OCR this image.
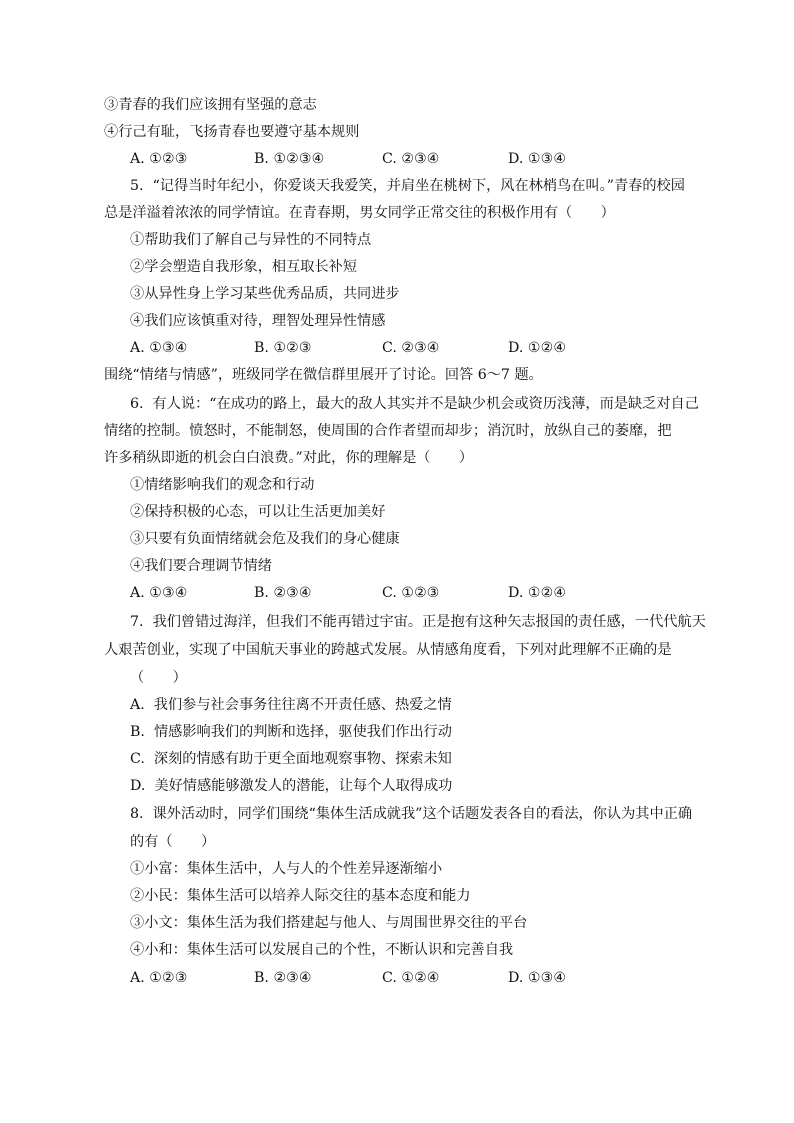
③青春的我们应该拥有坚强的意志
④行己有耻，飞扬青春也要遵守基本规则
A. ①②③	B. ①②③④	C. ②③④	D. ①③④
5.  “记得当时年纪小，你爱谈天我爱笑，并肩坐在桃树下，风在林梢鸟在叫。”青春的校园
总是洋溢着浓浓的同学情谊。在青春期，男女同学正常交往的积极作用有（　　）
①帮助我们了解自己与异性的不同特点
②学会塑造自我形象，相互取长补短
③从异性身上学习某些优秀品质，共同进步
④我们应该慎重对待，理智处理异性情感
A. ①③④	B. ①②③	C. ②③④	D. ①②④
围绕“情绪与情感”，班级同学在微信群里展开了讨论。回答 6～7 题。
6.  有人说：“在成功的路上，最大的敌人其实并不是缺少机会或资历浅薄，而是缺乏对自己
情绪的控制。愤怒时，不能制怒，使周围的合作者望而却步；消沉时，放纵自己的萎靡，把
许多稍纵即逝的机会白白浪费。”对此，你的理解是（　　）
①情绪影响我们的观念和行动
②保持积极的心态，可以让生活更加美好
③只要有负面情绪就会危及我们的身心健康
④我们要合理调节情绪
A. ①③④	B. ②③④	C. ①②③	D. ①②④
7.  我们曾错过海洋，但我们不能再错过宇宙。正是抱有这种矢志报国的责任感，一代代航天
人艰苦创业，实现了中国航天事业的跨越式发展。从情感角度看，下列对此理解不正确的是
（　　）
A.  我们参与社会事务往往离不开责任感、热爱之情
B.  情感影响我们的判断和选择，驱使我们作出行动
C.  深刻的情感有助于更全面地观察事物、探索未知
D.  美好情感能够激发人的潜能，让每个人取得成功
8.  课外活动时，同学们围绕“集体生活成就我”这个话题发表各自的看法，你认为其中正确
的有（　　）
①小富：集体生活中，人与人的个性差异逐渐缩小
②小民：集体生活可以培养人际交往的基本态度和能力
③小文：集体生活为我们搭建起与他人、与周围世界交往的平台
④小和：集体生活可以发展自己的个性，不断认识和完善自我
A. ①②③	B. ②③④	C. ①②④	D. ①③④
